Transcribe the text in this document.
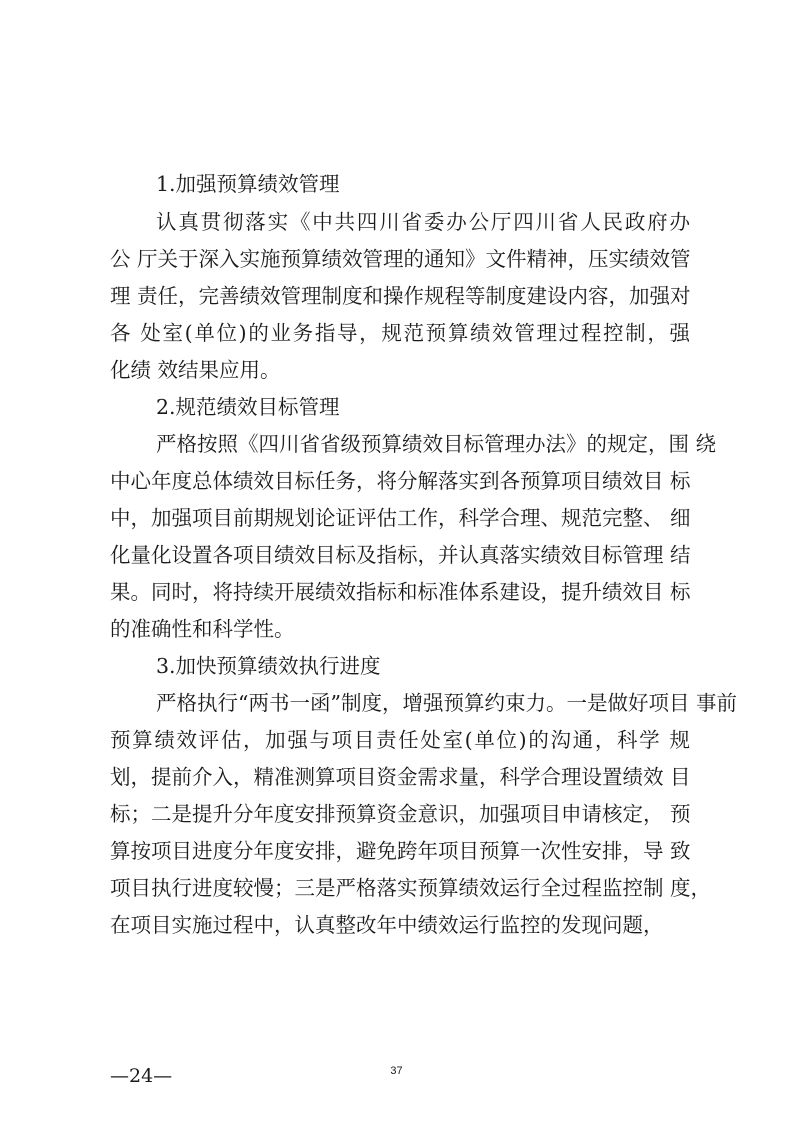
1.加强预算绩效管理
认真贯彻落实《中共四川省委办公厅四川省人民政府办
公 厅关于深入实施预算绩效管理的通知》文件精神，压实绩效管
理 责任，完善绩效管理制度和操作规程等制度建设内容，加强对
各 处室(单位)的业务指导，规范预算绩效管理过程控制，强
化绩 效结果应用。
2.规范绩效目标管理
严格按照《四川省省级预算绩效目标管理办法》的规定，围 绕
中心年度总体绩效目标任务，将分解落实到各预算项目绩效目 标
中，加强项目前期规划论证评估工作，科学合理、规范完整、 细
化量化设置各项目绩效目标及指标，并认真落实绩效目标管理 结
果。同时，将持续开展绩效指标和标准体系建设，提升绩效目 标
的准确性和科学性。
3.加快预算绩效执行进度
严格执行“两书一函”制度，增强预算约束力。一是做好项目 事前
预算绩效评估，加强与项目责任处室(单位)的沟通，科学 规
划，提前介入，精准测算项目资金需求量，科学合理设置绩效 目
标；二是提升分年度安排预算资金意识，加强项目申请核定， 预
算按项目进度分年度安排，避免跨年项目预算一次性安排，导 致
项目执行进度较慢；三是严格落实预算绩效运行全过程监控制 度，
在项目实施过程中，认真整改年中绩效运行监控的发现问题，
—24—	37
